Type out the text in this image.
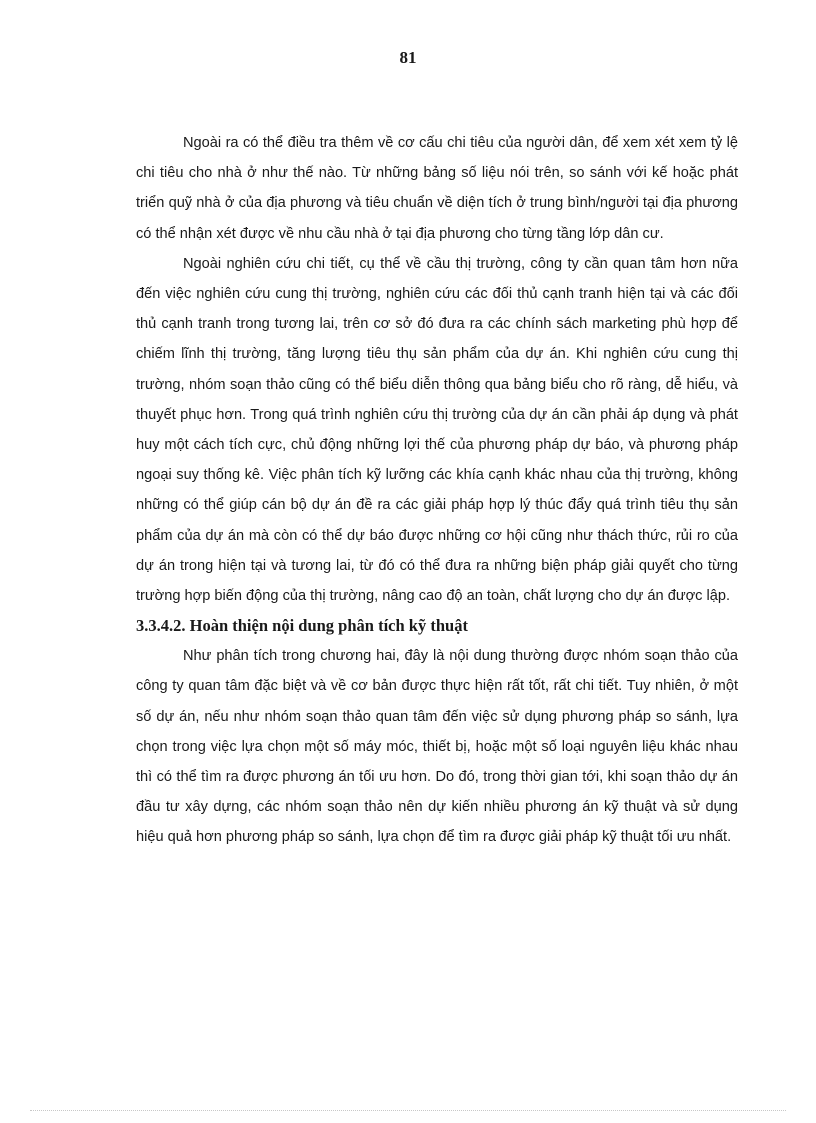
81

Ngoài ra có thể điều tra thêm về cơ cấu chi tiêu của người dân, để xem xét xem tỷ lệ chi tiêu cho nhà ở như thế nào. Từ những bảng số liệu nói trên, so sánh với kế hoặc phát triển quỹ nhà ở của địa phương và tiêu chuẩn về diện tích ở trung bình/người tại địa phương có thể nhận xét được về nhu cầu nhà ở tại địa phương cho từng tầng lớp dân cư.

Ngoài nghiên cứu chi tiết, cụ thể về cầu thị trường, công ty cần quan tâm hơn nữa đến việc nghiên cứu cung thị trường, nghiên cứu các đối thủ cạnh tranh hiện tại và các đối thủ cạnh tranh trong tương lai, trên cơ sở đó đưa ra các chính sách marketing phù hợp để chiếm lĩnh thị trường, tăng lượng tiêu thụ sản phẩm của dự án. Khi nghiên cứu cung thị trường, nhóm soạn thảo cũng có thể biểu diễn thông qua bảng biểu cho rõ ràng, dễ hiểu, và thuyết phục hơn. Trong quá trình nghiên cứu thị trường của dự án cần phải áp dụng và phát huy một cách tích cực, chủ động những lợi thế của phương pháp dự báo, và phương pháp ngoại suy thống kê. Việc phân tích kỹ lưỡng các khía cạnh khác nhau của thị trường, không những có thể giúp cán bộ dự án đề ra các giải pháp hợp lý thúc đẩy quá trình tiêu thụ sản phẩm của dự án mà còn có thể dự báo được những cơ hội cũng như thách thức, rủi ro của dự án trong hiện tại và tương lai, từ đó có thể đưa ra những biện pháp giải quyết cho từng trường hợp biến động của thị trường, nâng cao độ an toàn, chất lượng cho dự án được lập.

3.3.4.2. Hoàn thiện nội dung phân tích kỹ thuật

Như phân tích trong chương hai, đây là nội dung thường được nhóm soạn thảo của công ty quan tâm đặc biệt và về cơ bản được thực hiện rất tốt, rất chi tiết. Tuy nhiên, ở một số dự án, nếu như nhóm soạn thảo quan tâm đến việc sử dụng phương pháp so sánh, lựa chọn trong việc lựa chọn một số máy móc, thiết bị, hoặc một số loại nguyên liệu khác nhau thì có thể tìm ra được phương án tối ưu hơn. Do đó, trong thời gian tới, khi soạn thảo dự án đầu tư xây dựng, các nhóm soạn thảo nên dự kiến nhiều phương án kỹ thuật và sử dụng hiệu quả hơn phương pháp so sánh, lựa chọn để tìm ra được giải pháp kỹ thuật tối ưu nhất.
